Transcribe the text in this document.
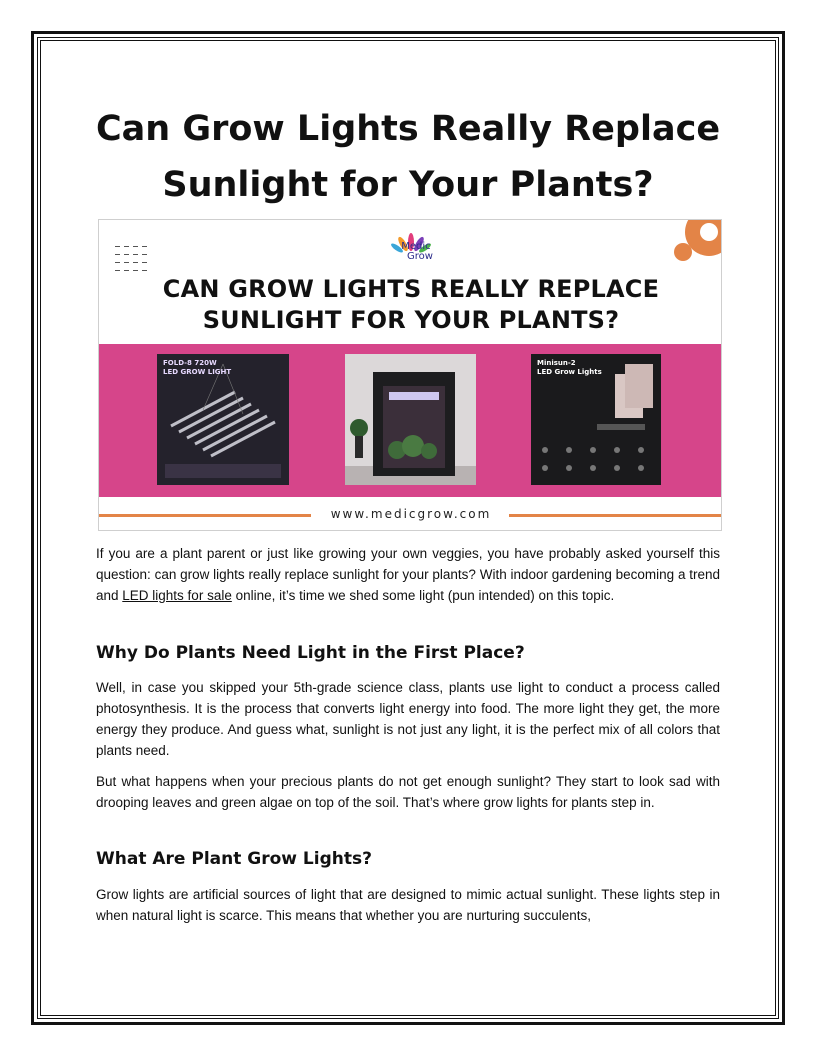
Can Grow Lights Really Replace
Sunlight for Your Plants?
Medic
Grow
CAN GROW LIGHTS REALLY REPLACE
SUNLIGHT FOR YOUR PLANTS?
FOLD-8 720W
LED GROW LIGHT
Minisun-2
LED Grow Lights
www.medicgrow.com

If you are a plant parent or just like growing your own veggies, you have probably asked yourself this question: can grow lights really replace sunlight for your plants? With indoor gardening becoming a trend and LED lights for sale online, it’s time we shed some light (pun intended) on this topic.

Why Do Plants Need Light in the First Place?

Well, in case you skipped your 5th-grade science class, plants use light to conduct a process called photosynthesis. It is the process that converts light energy into food. The more light they get, the more energy they produce. And guess what, sunlight is not just any light, it is the perfect mix of all colors that plants need.

But what happens when your precious plants do not get enough sunlight? They start to look sad with drooping leaves and green algae on top of the soil. That’s where grow lights for plants step in.

What Are Plant Grow Lights?

Grow lights are artificial sources of light that are designed to mimic actual sunlight. These lights step in when natural light is scarce. This means that whether you are nurturing succulents,
